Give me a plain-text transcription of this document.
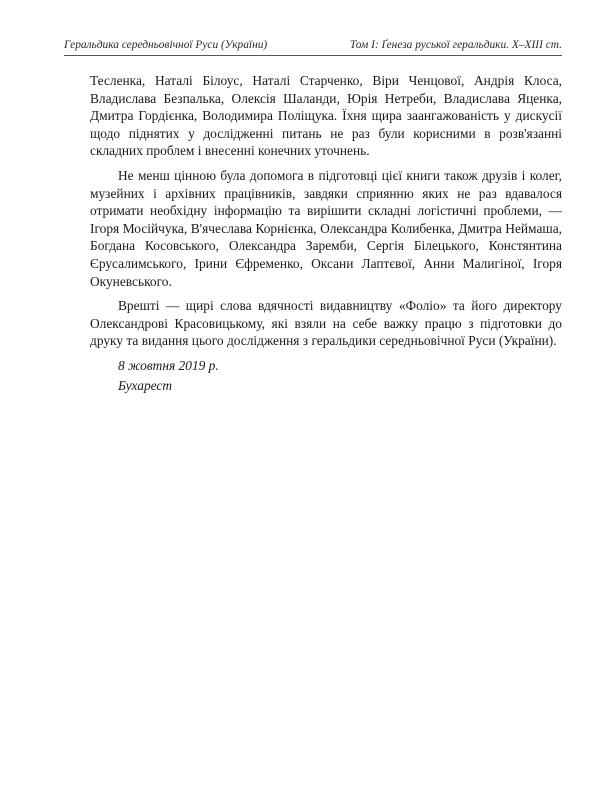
Геральдика середньовічної Руси (України)	Том І: Ґенеза руської геральдики. X–XIII ст.

Тесленка, Наталі Білоус, Наталі Старченко, Віри Ченцової, Андрія Клоса, Владислава Безпалька, Олексія Шаланди, Юрія Нетреби, Владислава Яценка, Дмитра Гордієнка, Володимира Поліщука. Їхня щира заангажованість у дискусії щодо піднятих у дослідженні питань не раз були корисними в розв'язанні складних проблем і внесенні конечних уточнень.

Не менш цінною була допомога в підготовці цієї книги також друзів і колег, музейних і архівних працівників, завдяки сприянню яких не раз вдавалося отримати необхідну інформацію та вирішити складні логістичні проблеми, — Ігоря Мосійчука, В'ячеслава Корнієнка, Олександра Колибенка, Дмитра Неймаша, Богдана Косовського, Олександра Заремби, Сергія Білецького, Констянтина Єрусалимського, Ірини Єфременко, Оксани Лаптєвої, Анни Малигіної, Ігоря Окуневського.

Врешті — щирі слова вдячності видавництву «Фоліо» та його директору Олександрові Красовицькому, які взяли на себе важку працю з підготовки до друку та видання цього дослідження з геральдики середньовічної Руси (України).

8 жовтня 2019 р.
Бухарест
